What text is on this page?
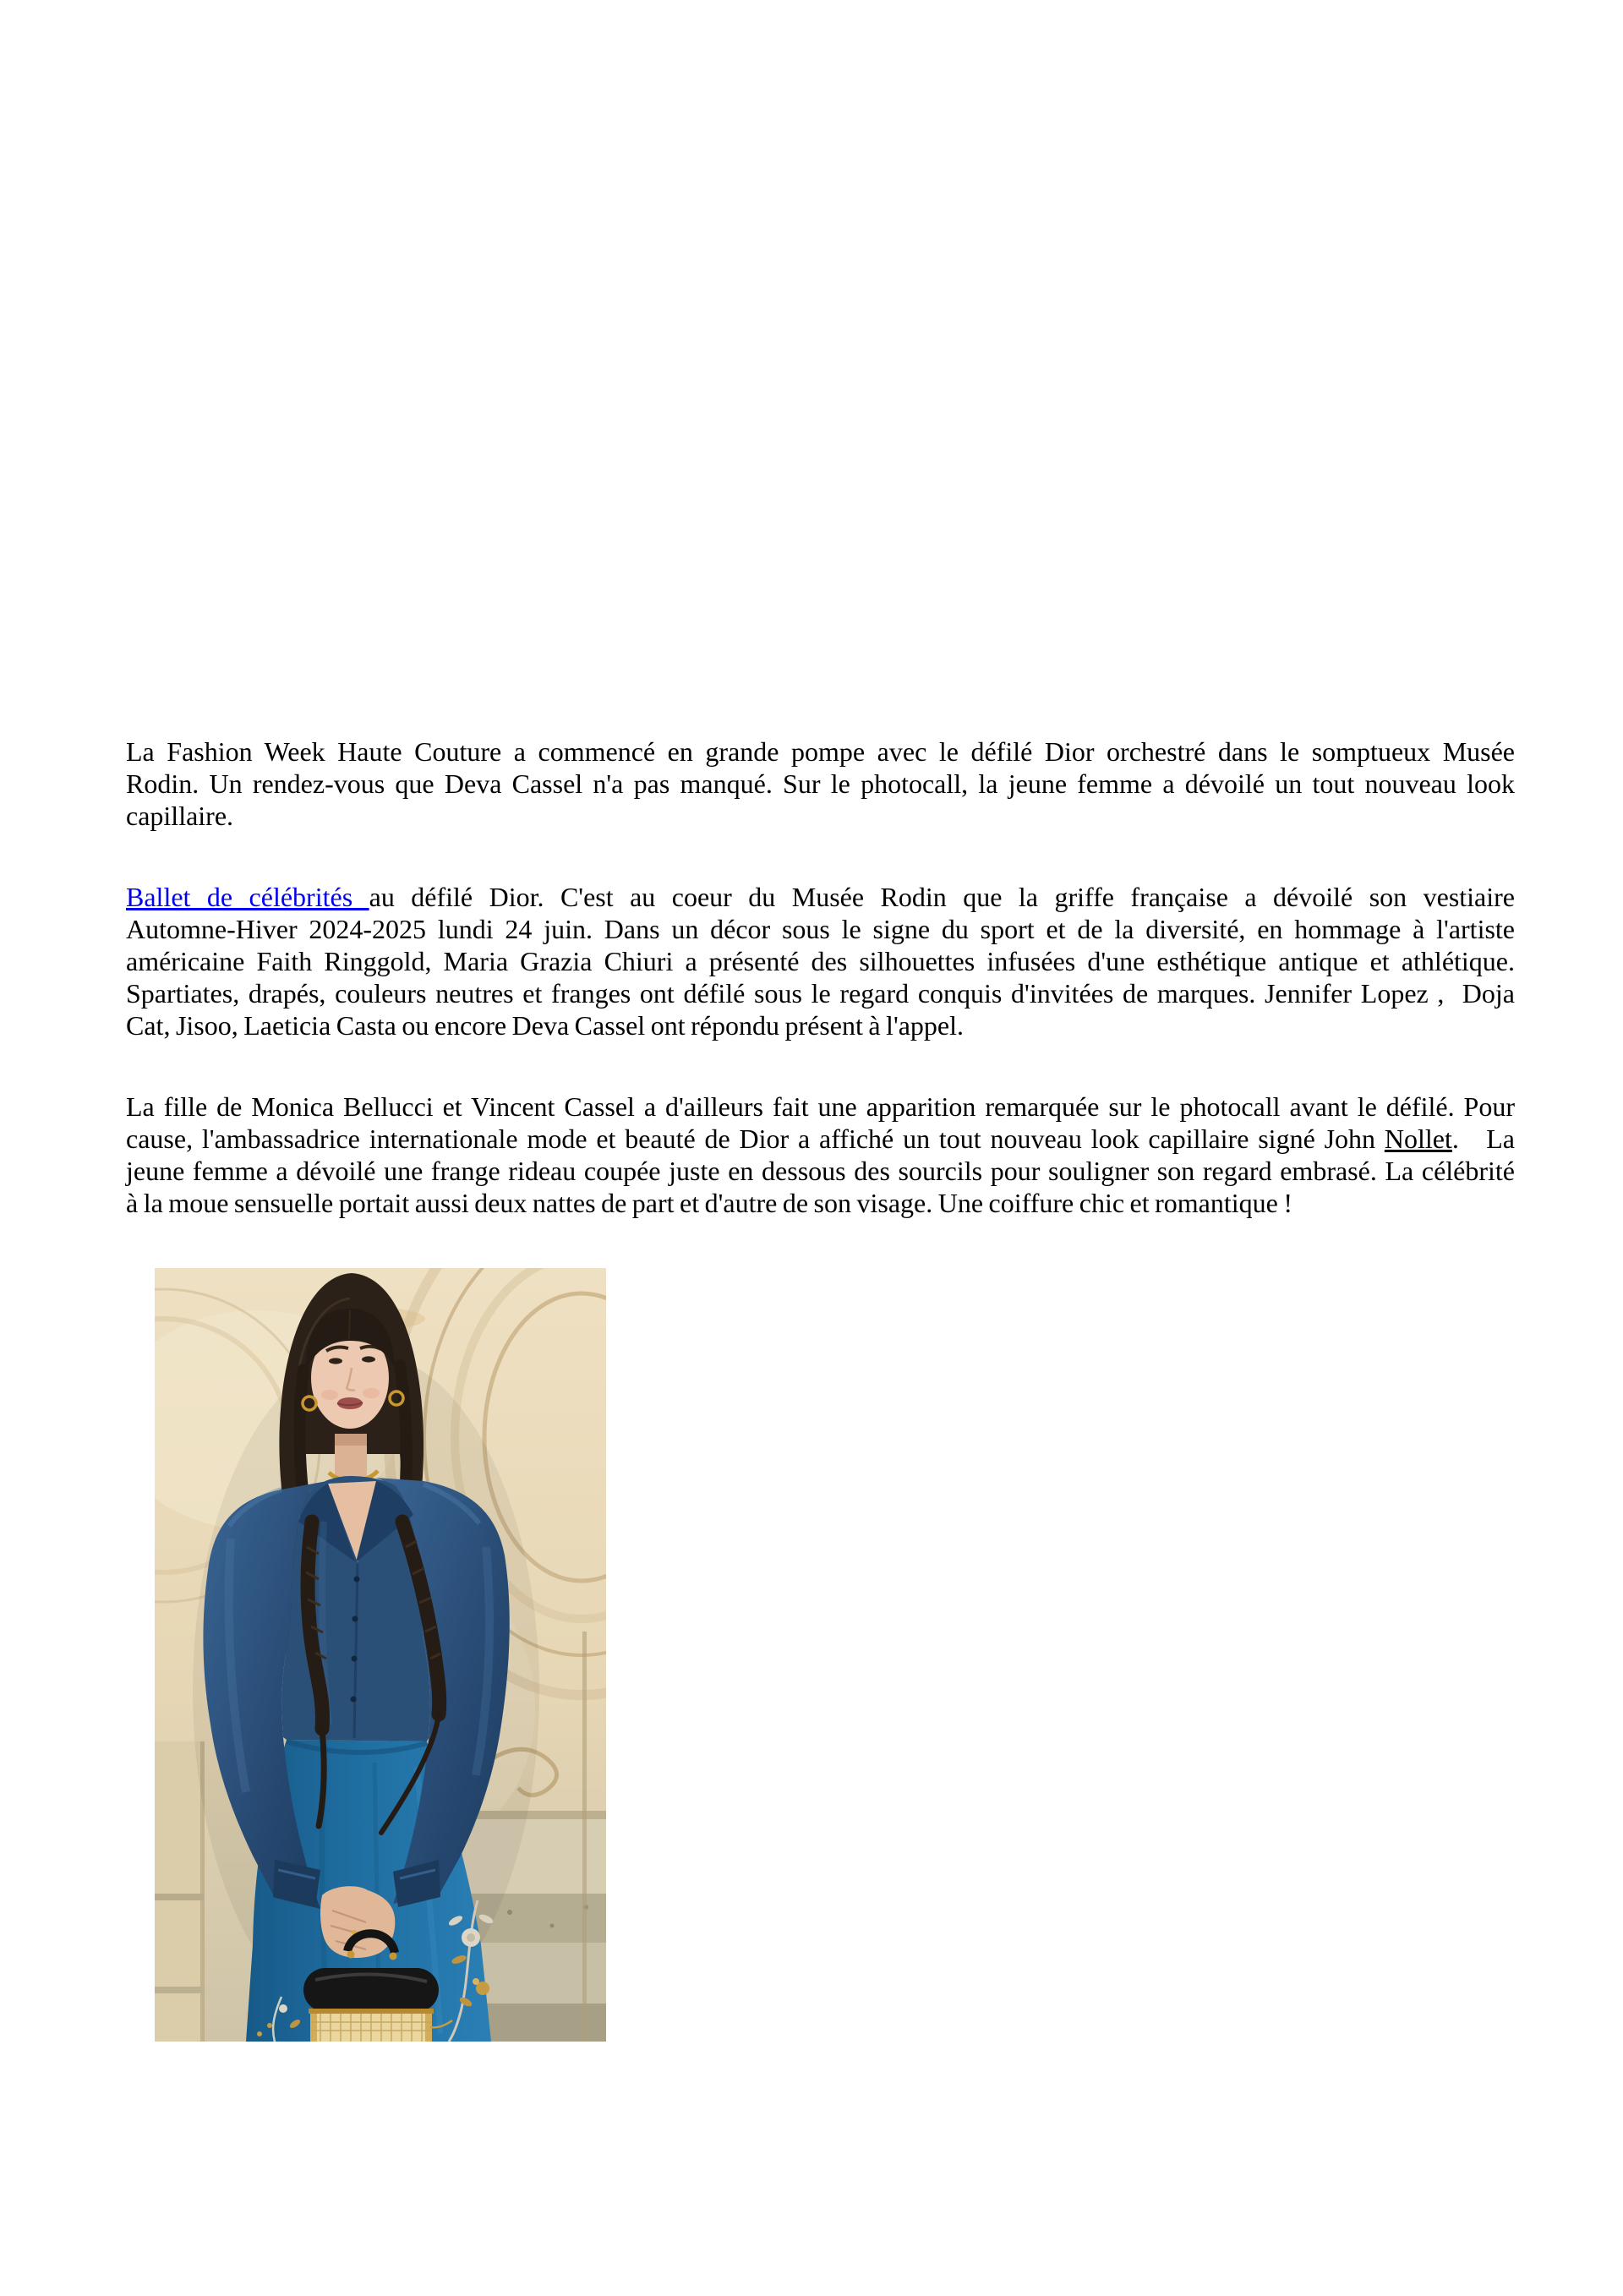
La Fashion Week Haute Couture a commencé en grande pompe avec le défilé Dior orchestré dans le somptueux Musée
Rodin. Un rendez-vous que Deva Cassel n'a pas manqué. Sur le photocall, la jeune femme a dévoilé un tout nouveau look
capillaire.
Ballet de célébrités au défilé Dior. C'est au coeur du Musée Rodin que la griffe française a dévoilé son vestiaire
Automne-Hiver 2024-2025 lundi 24 juin. Dans un décor sous le signe du sport et de la diversité, en hommage à l'artiste
américaine Faith Ringgold, Maria Grazia Chiuri a présenté des silhouettes infusées d'une esthétique antique et athlétique.
Spartiates, drapés, couleurs neutres et franges ont défilé sous le regard conquis d'invitées de marques. Jennifer Lopez ,  Doja
Cat, Jisoo, Laeticia Casta ou encore Deva Cassel ont répondu présent à l'appel.
La fille de Monica Bellucci et Vincent Cassel a d'ailleurs fait une apparition remarquée sur le photocall avant le défilé. Pour
cause, l'ambassadrice internationale mode et beauté de Dior a affiché un tout nouveau look capillaire signé John Nollet.   La
jeune femme a dévoilé une frange rideau coupée juste en dessous des sourcils pour souligner son regard embrasé. La célébrité
à la moue sensuelle portait aussi deux nattes de part et d'autre de son visage. Une coiffure chic et romantique !
